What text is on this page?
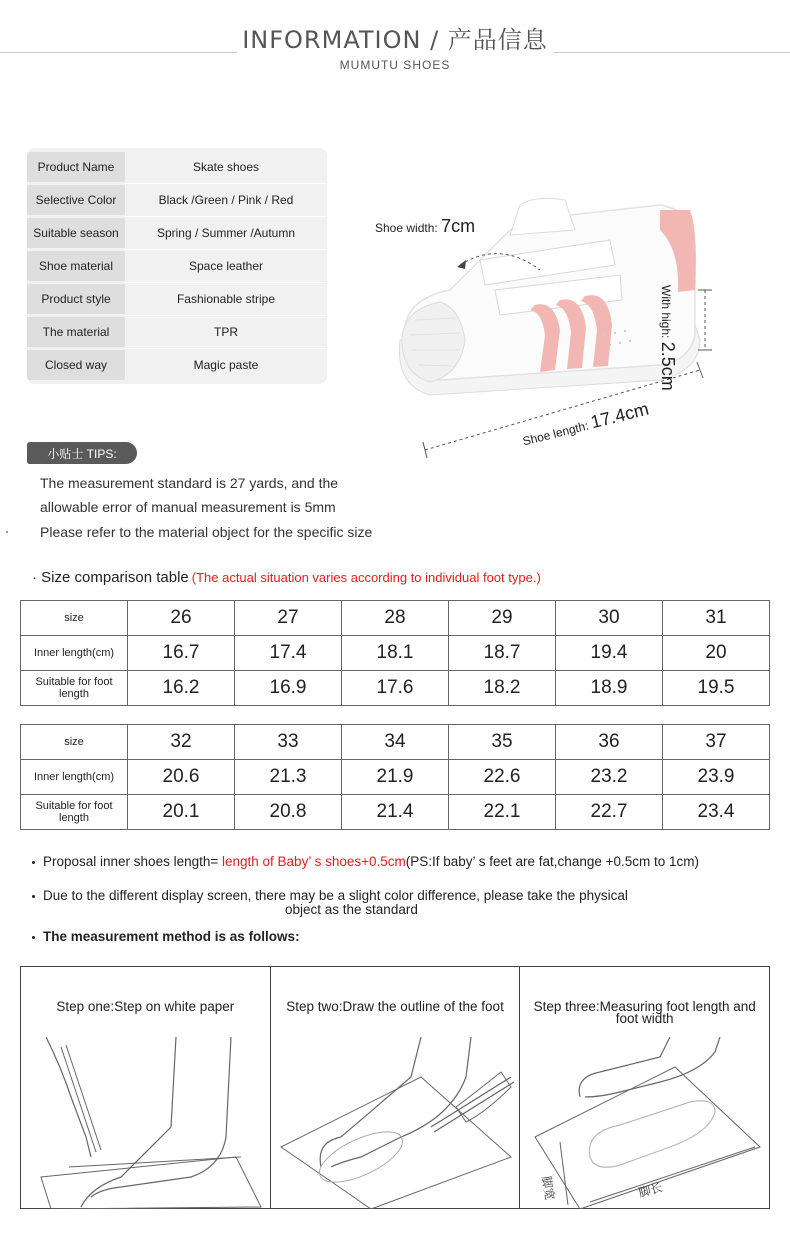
INFORMATION / 产品信息
MUMUTU SHOES
Product Name	Skate shoes
Selective Color	Black /Green / Pink / Red
Suitable season	Spring / Summer /Autumn
Shoe material	Space leather
Product style	Fashionable stripe
The material	TPR
Closed way	Magic paste
Shoe width: 7cm
With high: 2.5cm
Shoe length: 17.4cm
小贴士 TIPS:
The measurement standard is 27 yards, and the
allowable error of manual measurement is 5mm
Please refer to the material object for the specific size
· Size comparison table (The actual situation varies according to individual foot type.)
size	26	27	28	29	30	31
Inner length(cm)	16.7	17.4	18.1	18.7	19.4	20
Suitable for foot length	16.2	16.9	17.6	18.2	18.9	19.5
size	32	33	34	35	36	37
Inner length(cm)	20.6	21.3	21.9	22.6	23.2	23.9
Suitable for foot length	20.1	20.8	21.4	22.1	22.7	23.4
Proposal inner shoes length= length of Baby’ s shoes+0.5cm(PS:If baby’ s feet are fat,change +0.5cm to 1cm)
Due to the different display screen, there may be a slight color difference, please take the physical
object as the standard
The measurement method is as follows:
Step one:Step on white paper	Step two:Draw the outline of the foot	Step three:Measuring foot length and foot width
脚宽	脚长
